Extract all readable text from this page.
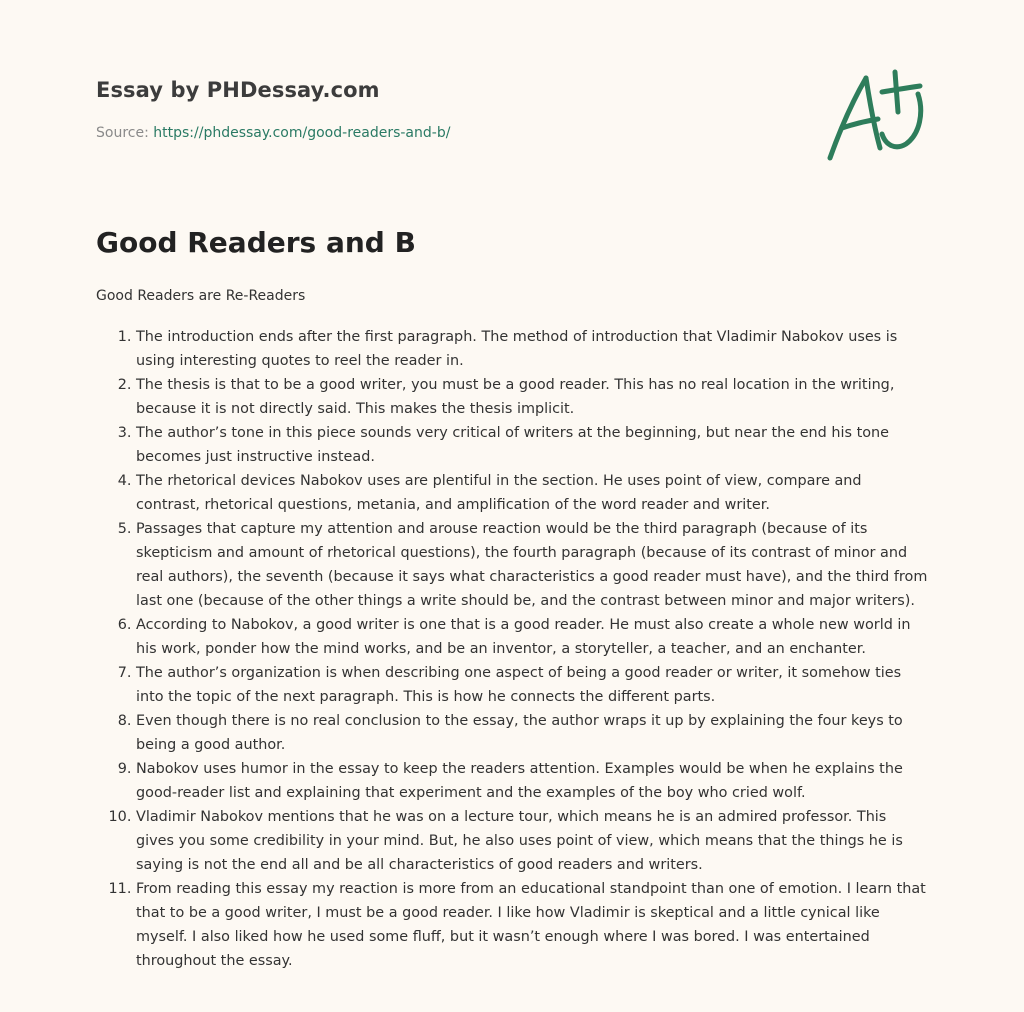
Essay by PHDessay.com
Source: https://phdessay.com/good-readers-and-b/
Good Readers and B
Good Readers are Re-Readers
1. The introduction ends after the first paragraph. The method of introduction that Vladimir Nabokov uses is using interesting quotes to reel the reader in.
2. The thesis is that to be a good writer, you must be a good reader. This has no real location in the writing, because it is not directly said. This makes the thesis implicit.
3. The author’s tone in this piece sounds very critical of writers at the beginning, but near the end his tone becomes just instructive instead.
4. The rhetorical devices Nabokov uses are plentiful in the section. He uses point of view, compare and contrast, rhetorical questions, metania, and amplification of the word reader and writer.
5. Passages that capture my attention and arouse reaction would be the third paragraph (because of its skepticism and amount of rhetorical questions), the fourth paragraph (because of its contrast of minor and real authors), the seventh (because it says what characteristics a good reader must have), and the third from last one (because of the other things a write should be, and the contrast between minor and major writers).
6. According to Nabokov, a good writer is one that is a good reader. He must also create a whole new world in his work, ponder how the mind works, and be an inventor, a storyteller, a teacher, and an enchanter.
7. The author’s organization is when describing one aspect of being a good reader or writer, it somehow ties into the topic of the next paragraph. This is how he connects the different parts.
8. Even though there is no real conclusion to the essay, the author wraps it up by explaining the four keys to being a good author.
9. Nabokov uses humor in the essay to keep the readers attention. Examples would be when he explains the good-reader list and explaining that experiment and the examples of the boy who cried wolf.
10. Vladimir Nabokov mentions that he was on a lecture tour, which means he is an admired professor. This gives you some credibility in your mind. But, he also uses point of view, which means that the things he is saying is not the end all and be all characteristics of good readers and writers.
11. From reading this essay my reaction is more from an educational standpoint than one of emotion. I learn that that to be a good writer, I must be a good reader. I like how Vladimir is skeptical and a little cynical like myself. I also liked how he used some fluff, but it wasn’t enough where I was bored. I was entertained throughout the essay.
